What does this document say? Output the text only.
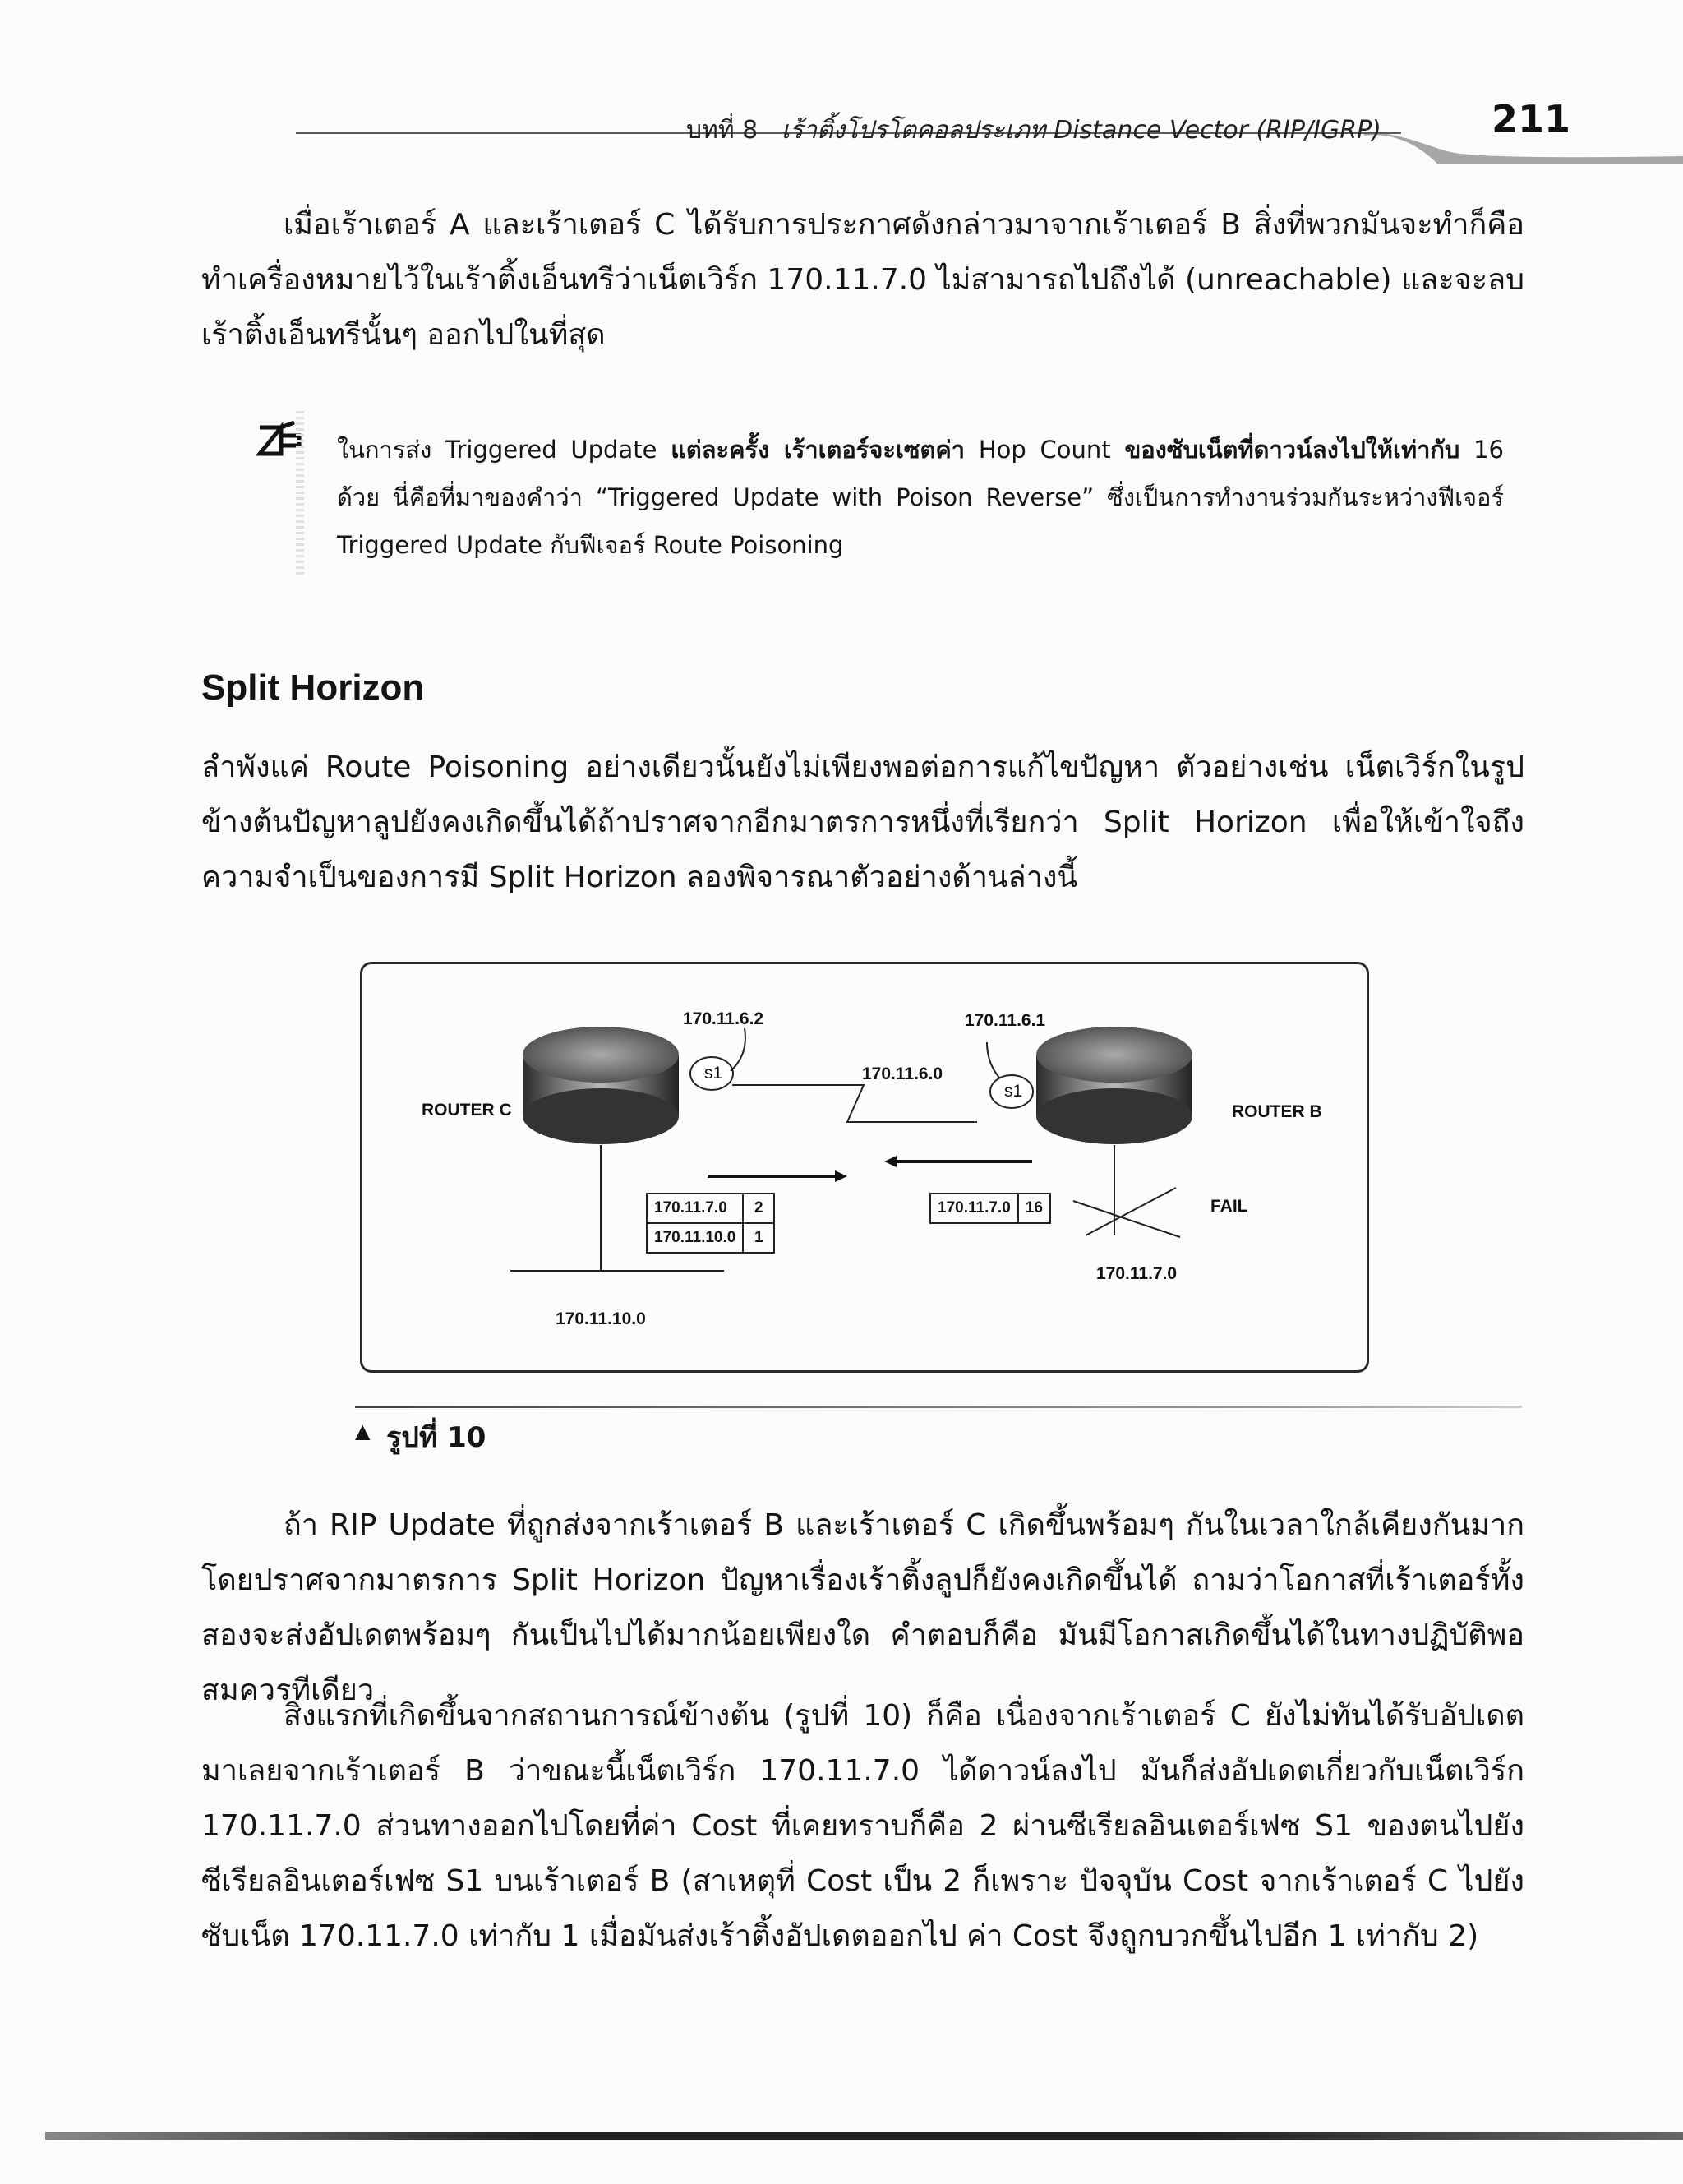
บทที่ 8 เร้าติ้งโปรโตคอลประเภท Distance Vector (RIP/IGRP)	211
เมื่อเร้าเตอร์ A และเร้าเตอร์ C ได้รับการประกาศดังกล่าวมาจากเร้าเตอร์ B สิ่งที่พวกมันจะทำก็คือทำเครื่องหมายไว้ในเร้าติ้งเอ็นทรีว่าเน็ตเวิร์ก 170.11.7.0 ไม่สามารถไปถึงได้ (unreachable) และจะลบเร้าติ้งเอ็นทรีนั้นๆ ออกไปในที่สุด
ในการส่ง Triggered Update แต่ละครั้ง เร้าเตอร์จะเซตค่า Hop Count ของซับเน็ตที่ดาวน์ลงไปให้เท่ากับ 16 ด้วย นี่คือที่มาของคำว่า “Triggered Update with Poison Reverse” ซึ่งเป็นการทำงานร่วมกันระหว่างฟีเจอร์ Triggered Update กับฟีเจอร์ Route Poisoning
Split Horizon
ลำพังแค่ Route Poisoning อย่างเดียวนั้นยังไม่เพียงพอต่อการแก้ไขปัญหา ตัวอย่างเช่น เน็ตเวิร์กในรูปข้างต้นปัญหาลูปยังคงเกิดขึ้นได้ถ้าปราศจากอีกมาตรการหนึ่งที่เรียกว่า Split Horizon เพื่อให้เข้าใจถึงความจำเป็นของการมี Split Horizon ลองพิจารณาตัวอย่างด้านล่างนี้
ROUTER C	ROUTER B
170.11.6.2	170.11.6.1
170.11.6.0
s1
s1
170.11.10.0
170.11.7.0
FAIL
170.11.7.0	2
170.11.10.0	1
170.11.7.0	16
▲ รูปที่ 10
ถ้า RIP Update ที่ถูกส่งจากเร้าเตอร์ B และเร้าเตอร์ C เกิดขึ้นพร้อมๆ กันในเวลาใกล้เคียงกันมาก โดยปราศจากมาตรการ Split Horizon ปัญหาเรื่องเร้าติ้งลูปก็ยังคงเกิดขึ้นได้ ถามว่าโอกาสที่เร้าเตอร์ทั้งสองจะส่งอัปเดตพร้อมๆ กันเป็นไปได้มากน้อยเพียงใด คำตอบก็คือ มันมีโอกาสเกิดขึ้นได้ในทางปฏิบัติพอสมควรทีเดียว
สิ่งแรกที่เกิดขึ้นจากสถานการณ์ข้างต้น (รูปที่ 10) ก็คือ เนื่องจากเร้าเตอร์ C ยังไม่ทันได้รับอัปเดตมาเลยจากเร้าเตอร์ B ว่าขณะนี้เน็ตเวิร์ก 170.11.7.0 ได้ดาวน์ลงไป มันก็ส่งอัปเดตเกี่ยวกับเน็ตเวิร์ก 170.11.7.0 ส่วนทางออกไปโดยที่ค่า Cost ที่เคยทราบก็คือ 2 ผ่านซีเรียลอินเตอร์เฟซ S1 ของตนไปยังซีเรียลอินเตอร์เฟซ S1 บนเร้าเตอร์ B (สาเหตุที่ Cost เป็น 2 ก็เพราะ ปัจจุบัน Cost จากเร้าเตอร์ C ไปยังซับเน็ต 170.11.7.0 เท่ากับ 1 เมื่อมันส่งเร้าติ้งอัปเดตออกไป ค่า Cost จึงถูกบวกขึ้นไปอีก 1 เท่ากับ 2)
